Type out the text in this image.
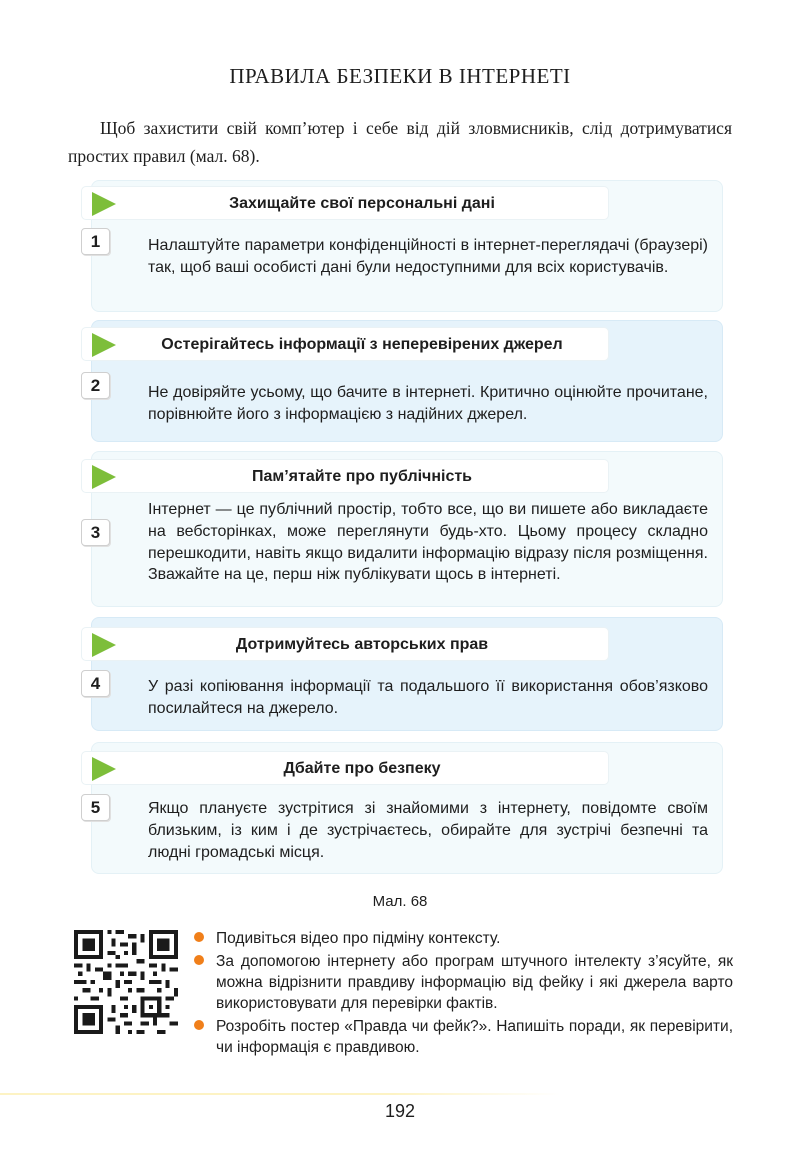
ПРАВИЛА БЕЗПЕКИ В ІНТЕРНЕТІ
Щоб захистити свій комп’ютер і себе від дій зловмисників, слід дотримуватися простих правил (мал. 68).
Захищайте свої персональні дані
1	Налаштуйте параметри конфіденційності в інтернет-переглядачі (браузері) так, щоб ваші особисті дані були недоступними для всіх користувачів.
Остерігайтесь інформації з неперевірених джерел
2	Не довіряйте усьому, що бачите в інтернеті. Критично оцінюйте прочитане, порівнюйте його з інформацією з надійних джерел.
Пам’ятайте про публічність
3
Інтернет — це публічний простір, тобто все, що ви пишете або викладаєте на вебсторінках, може переглянути будь-хто. Цьому процесу складно перешкодити, навіть якщо видалити інформацію відразу після розміщення. Зважайте на це, перш ніж публікувати щось в інтернеті.
Дотримуйтесь авторських прав
4	У разі копіювання інформації та подальшого її використання обов’язково посилайтеся на джерело.
Дбайте про безпеку
5	Якщо плануєте зустрітися зі знайомими з інтернету, повідомте своїм близьким, із ким і де зустрічаєтесь, обирайте для зустрічі безпечні та людні громадські місця.
Мал. 68
Подивіться відео про підміну контексту.
За допомогою інтернету або програм штучного інтелекту з’ясуйте, як можна відрізнити правдиву інформацію від фейку і які джерела варто використовувати для перевірки фактів.
Розробіть постер «Правда чи фейк?». Напишіть поради, як перевірити, чи інформація є правдивою.
192
